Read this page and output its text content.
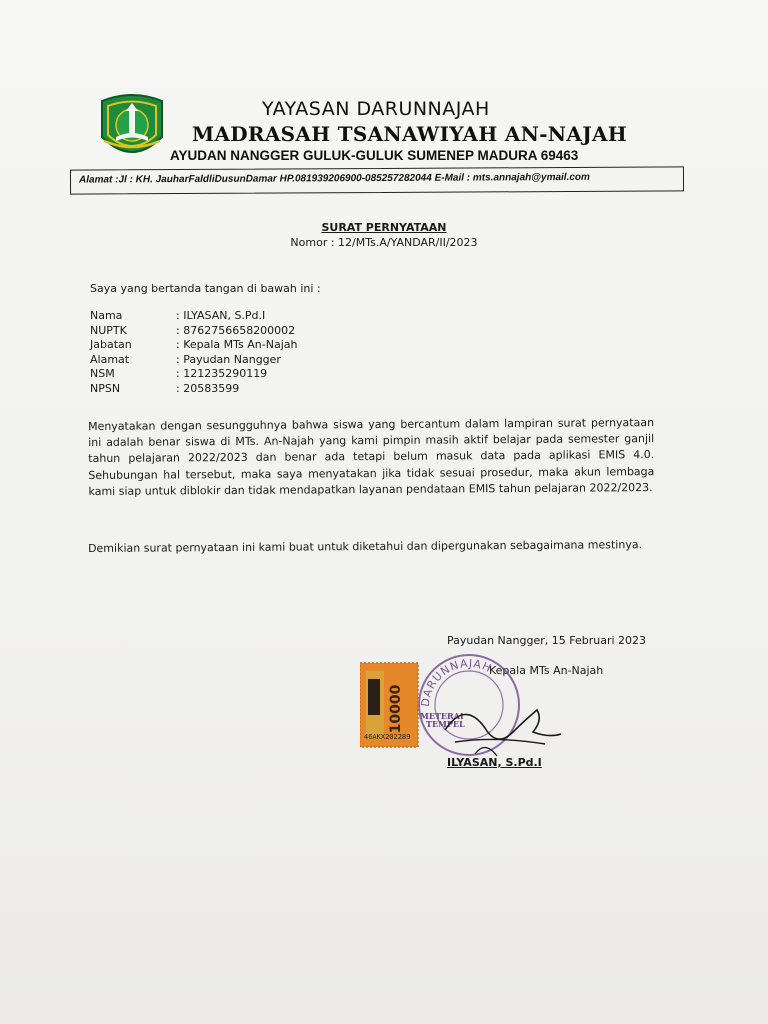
YAYASAN DARUNNAJAH
MADRASAH TSANAWIYAH AN-NAJAH
AYUDAN NANGGER GULUK-GULUK SUMENEP MADURA 69463
Alamat :Jl : KH. JauharFaldliDusunDamar HP.081939206900-085257282044 E-Mail : mts.annajah@ymail.com
SURAT PERNYATAAN
Nomor : 12/MTs.A/YANDAR/II/2023
Saya yang bertanda tangan di bawah ini :
Nama	: ILYASAN, S.Pd.I
NUPTK	: 8762756658200002
Jabatan	: Kepala MTs An-Najah
Alamat	: Payudan Nangger
NSM	: 121235290119
NPSN	: 20583599
Menyatakan dengan sesungguhnya bahwa siswa yang bercantum dalam lampiran surat pernyataan ini adalah benar siswa di MTs. An-Najah yang kami pimpin masih aktif belajar pada semester ganjil tahun pelajaran 2022/2023 dan benar ada tetapi belum masuk data pada aplikasi EMIS 4.0. Sehubungan hal tersebut, maka saya menyatakan jika tidak sesuai prosedur, maka akun lembaga kami siap untuk diblokir dan tidak mendapatkan layanan pendataan EMIS tahun pelajaran 2022/2023.
Demikian surat pernyataan ini kami buat untuk diketahui dan dipergunakan sebagaimana mestinya.
Payudan Nangger, 15 Februari 2023
Kepala MTs An-Najah
DARUNNAJAH
10000 METERAI
TEMPEL
46AKX202289
ILYASAN, S.Pd.I
